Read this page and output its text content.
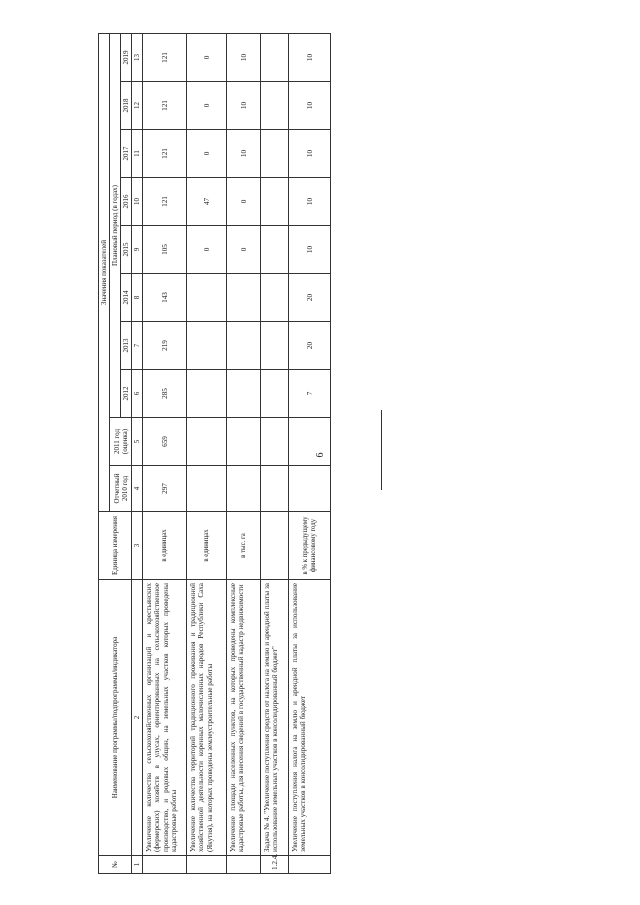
6
№	Наименование программы/подпрограммы/индикатора	Единица измерения	Значения показателей									
			Отчетный 2010 год	2011 год (оценка)	Плановый период (в годах)							
					2012	2013	2014	2015	2016	2017	2018	2019
1	2	3	4	5	6	7	8	9	10	11	12	13
	Увеличение количества сельскохозяйственных организаций и крестьянских (фермерских) хозяйств в улусах, ориентированных на сельскохозяйственное производство, и родовых общин, на земельных участков которых проведены кадастровые работы	в единицах	297	659	285	219	143	105	121	121	121	121
	Увеличение количества территорий традиционного проживания и традиционной хозяйственной деятельности коренных малочисленных народов Республики Саха (Якутия), на которых проведены землеустроительные работы	в единицах						0	47	0	0	0
	Увеличение площади населенных пунктов, на которых проведены комплексные кадастровые работы, для внесения сведений в государственный кадастр недвижимости	в тыс. га						0	0	10	10	10
1.2.4.	Задача № 4. "Увеличение поступления средств от налога на землю и арендной платы за использование земельных участков в консолидированный бюджет"											
	Увеличение поступления налога на землю и арендной платы за использование земельных участков в консолидированный бюджет	в % к предыдущему финансовому году			7	20	20	10	10	10	10	10
